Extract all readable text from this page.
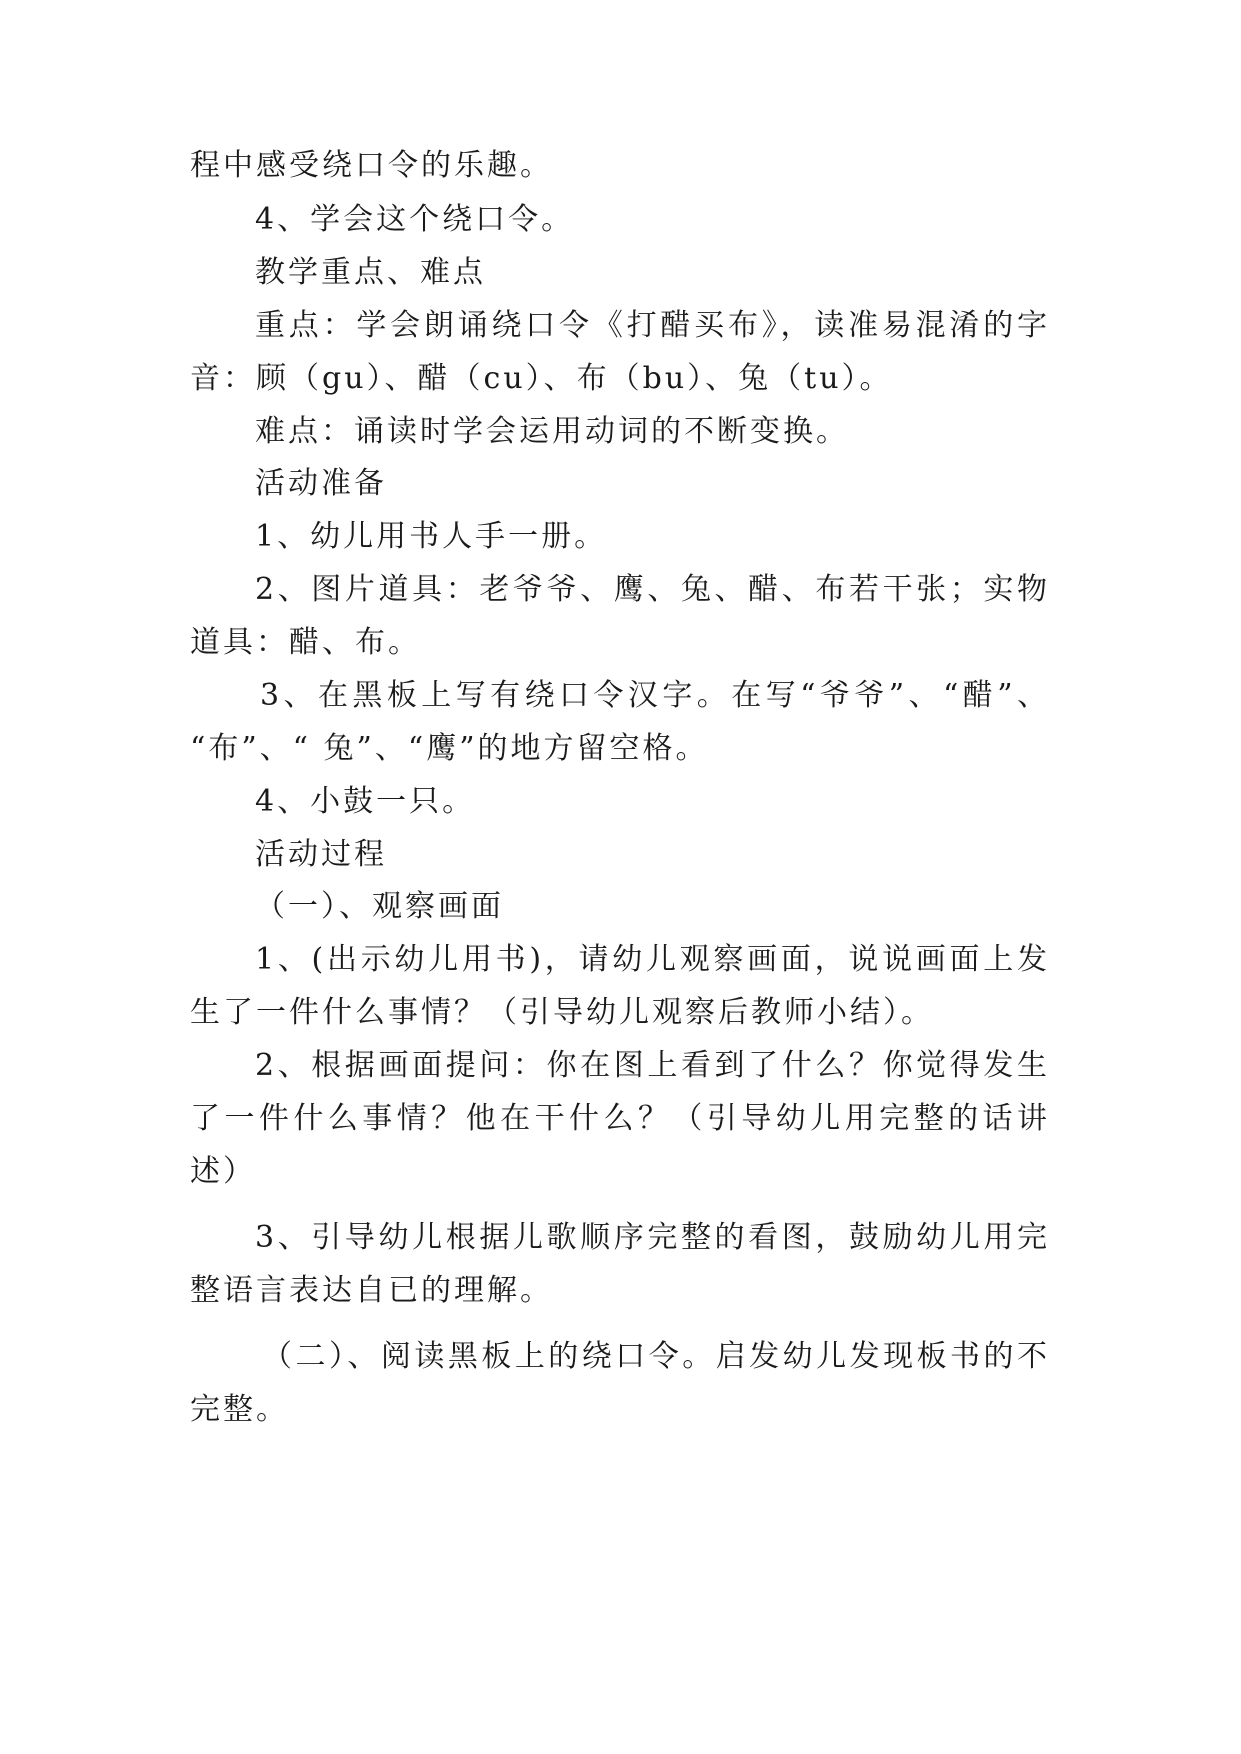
程中感受绕口令的乐趣。
4、学会这个绕口令。
教学重点、难点
重点：学会朗诵绕口令《打醋买布》，读准易混淆的字
音：顾（gu）、醋（cu）、布（bu）、兔（tu）。
难点：诵读时学会运用动词的不断变换。
活动准备
1、幼儿用书人手一册。
2、图片道具：老爷爷、鹰、兔、醋、布若干张；实物
道具：醋、布。
3、在黑板上写有绕口令汉字。在写“爷爷”、“醋”、
“布”、“ 兔”、“鹰”的地方留空格。
4、小鼓一只。
活动过程
（一）、观察画面
1、(出示幼儿用书)，请幼儿观察画面，说说画面上发
生了一件什么事情？（引导幼儿观察后教师小结）。
2、根据画面提问：你在图上看到了什么？你觉得发生
了一件什么事情？他在干什么？（引导幼儿用完整的话讲
述）
3、引导幼儿根据儿歌顺序完整的看图，鼓励幼儿用完
整语言表达自已的理解。
（二）、阅读黑板上的绕口令。启发幼儿发现板书的不
完整。
